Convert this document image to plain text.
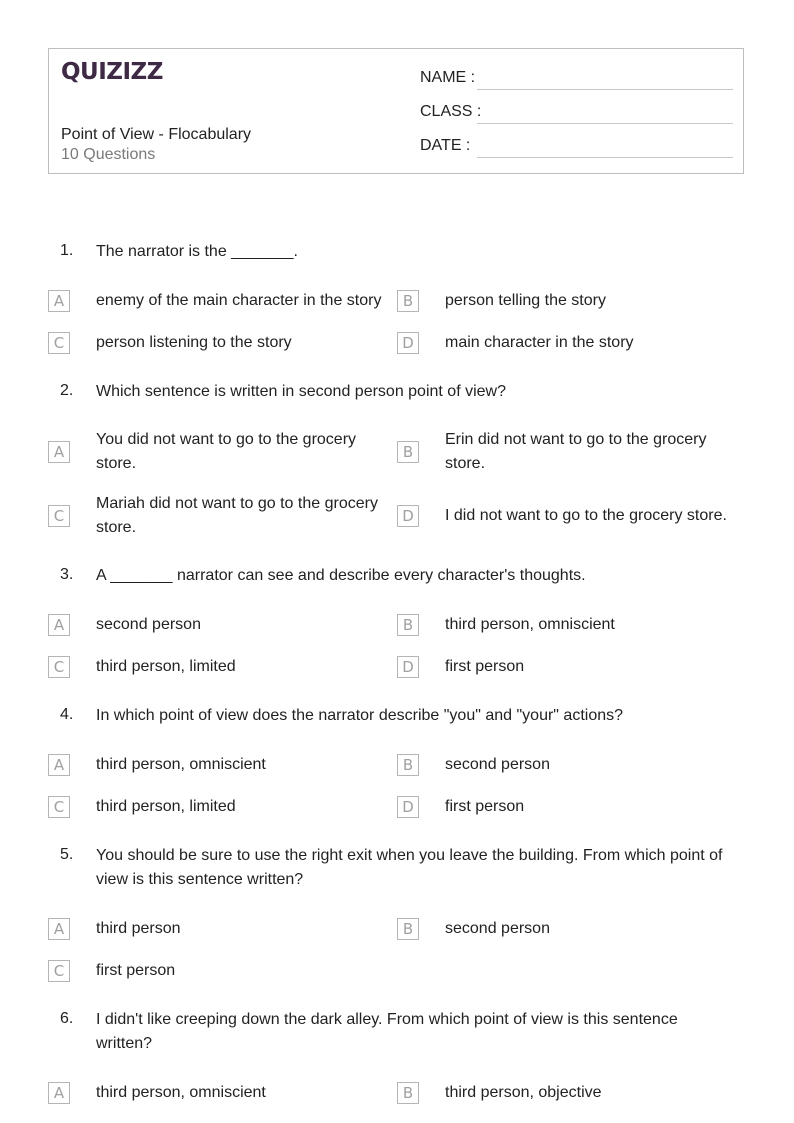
QUIZIZZ
Point of View - Flocabulary
10 Questions
NAME :
CLASS :
DATE :
1. The narrator is the _______.
A	enemy of the main character in the story
C	person listening to the story
B	person telling the story
D	main character in the story
2. Which sentence is written in second person point of view?
A
You did not want to go to the grocery store.
C
Mariah did not want to go to the grocery store.
B
Erin did not want to go to the grocery store.
D	I did not want to go to the grocery store.
3. A _______ narrator can see and describe every character's thoughts.
A	second person
C	third person, limited
B	third person, omniscient
D	first person
4. In which point of view does the narrator describe "you" and "your" actions?
A	third person, omniscient
C	third person, limited
B	second person
D	first person
5. You should be sure to use the right exit when you leave the building. From which point of view is this sentence written?
A	third person
C	first person
B	second person
6. I didn't like creeping down the dark alley. From which point of view is this sentence written?
A	third person, omniscient	B	third person, objective
